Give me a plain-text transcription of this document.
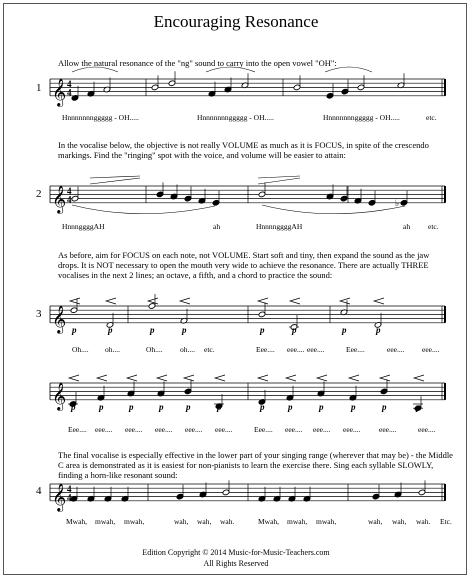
Encouraging Resonance
Allow the natural resonance of the "ng" sound to carry into the open vowel "OH":
1
Hnnnnnnnggggg - OH.....	Hnnnnnnnggggg - OH.....	Hnnnnnnnggggg - OH.....	etc.
In the vocalise below, the objective is not really VOLUME as much as it is FOCUS, in spite of the crescendo markings. Find the "ringing" spot with the voice, and volume will be easier to attain:
2
HnnnggggAH	ah	HnnnnggggAH	ah etc.
As before, aim for FOCUS on each note, not VOLUME. Start soft and tiny, then expand the sound as the jaw drops. It is NOT necessary to open the mouth very wide to achieve the resonance. There are actually THREE vocalises in the next 2 lines; an octave, a fifth, and a chord to practice the sound:
3
Oh.... oh....	Oh.... oh.... etc.	Eee.... eee.... eee....	Eee....	eee.... eee....
Eee.... eee.... eee.... eee.... eee.... eee....	Eee.... eee.... eee.... eee.... eee....	eee....
The final vocalise is especially effective in the lower part of your singing range (wherever that may be) - the Middle C area is demonstrated as it is easiest for non-pianists to learn the exercise there. Sing each syllable SLOWLY, finding a horn-like resonant sound:
4
Mwah, mwah, mwah,	wah, wah, wah.	Mwah, mwah, mwah,	wah, wah, wah. Etc.
𝄞 4
4
𝄞 4
4	♭
𝄞 p	p	p	p	p	p	p	p
𝄞 p	p	p	p	p	p	p	p	p	p	p	p
𝄞 4
4
Edition Copyright © 2014 Music-for-Music-Teachers.com
All Rights Reserved
